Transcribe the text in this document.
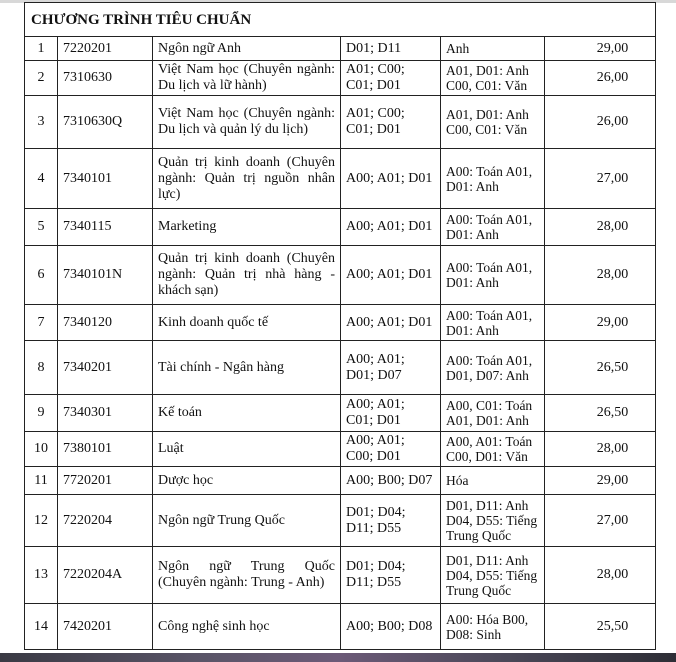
CHƯƠNG TRÌNH TIÊU CHUẨN					
1	7220201	Ngôn ngữ Anh	D01; D11	Anh	29,00
2	7310630	Việt Nam học (Chuyên ngành: Du lịch và lữ hành)	A01; C00; C01; D01	A01, D01: Anh C00, C01: Văn	26,00
3	7310630Q	Việt Nam học (Chuyên ngành: Du lịch và quản lý du lịch)	A01; C00; C01; D01	A01, D01: Anh C00, C01: Văn	26,00
4	7340101	Quản trị kinh doanh (Chuyên ngành: Quản trị nguồn nhân lực)	A00; A01; D01	A00: Toán A01, D01: Anh	27,00
5	7340115	Marketing	A00; A01; D01	A00: Toán A01, D01: Anh	28,00
6	7340101N	Quản trị kinh doanh (Chuyên ngành: Quản trị nhà hàng - khách sạn)	A00; A01; D01	A00: Toán A01, D01: Anh	28,00
7	7340120	Kinh doanh quốc tế	A00; A01; D01	A00: Toán A01, D01: Anh	29,00
8	7340201	Tài chính - Ngân hàng	A00; A01; D01; D07	A00: Toán A01, D01, D07: Anh	26,50
9	7340301	Kế toán	A00; A01; C01; D01	A00, C01: Toán A01, D01: Anh	26,50
10	7380101	Luật	A00; A01; C00; D01	A00, A01: Toán C00, D01: Văn	28,00
11	7720201	Dược học	A00; B00; D07	Hóa	29,00
12	7220204	Ngôn ngữ Trung Quốc	D01; D04; D11; D55	D01, D11: Anh D04, D55: Tiếng Trung Quốc	27,00
13	7220204A	Ngôn ngữ Trung Quốc (Chuyên ngành: Trung - Anh)	D01; D04; D11; D55	D01, D11: Anh D04, D55: Tiếng Trung Quốc	28,00
14	7420201	Công nghệ sinh học	A00; B00; D08	A00: Hóa B00, D08: Sinh	25,50
